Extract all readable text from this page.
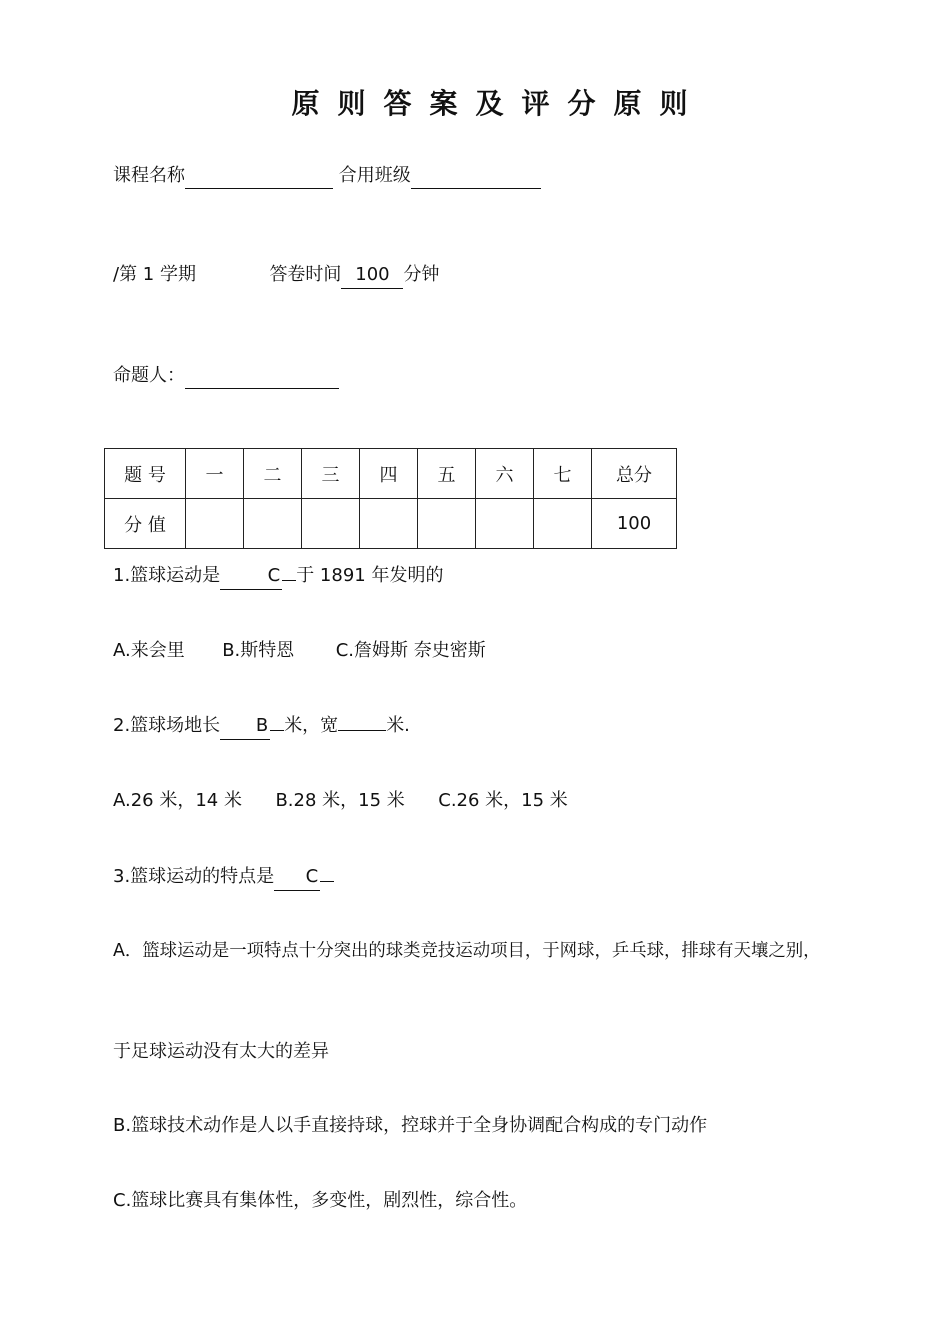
原则答案及评分原则
课程名称	合用班级
/第 1 学期	答卷时间 100 分钟
命题人：
题 号	一	二	三	四	五	六	七	总分
分 值								100
1.篮球运动是	C 于 1891 年发明的
A.来会里 B.斯特恩 C.詹姆斯 奈史密斯
2.篮球场地长 B 米，宽	米.
A.26 米，14 米 B.28 米，15 米 C.26 米，15 米
3.篮球运动的特点是 C
A．篮球运动是一项特点十分突出的球类竞技运动项目，于网球，乒乓球，排球有天壤之别，
于足球运动没有太大的差异
B.篮球技术动作是人以手直接持球，控球并于全身协调配合构成的专门动作
C.篮球比赛具有集体性，多变性，剧烈性，综合性。
